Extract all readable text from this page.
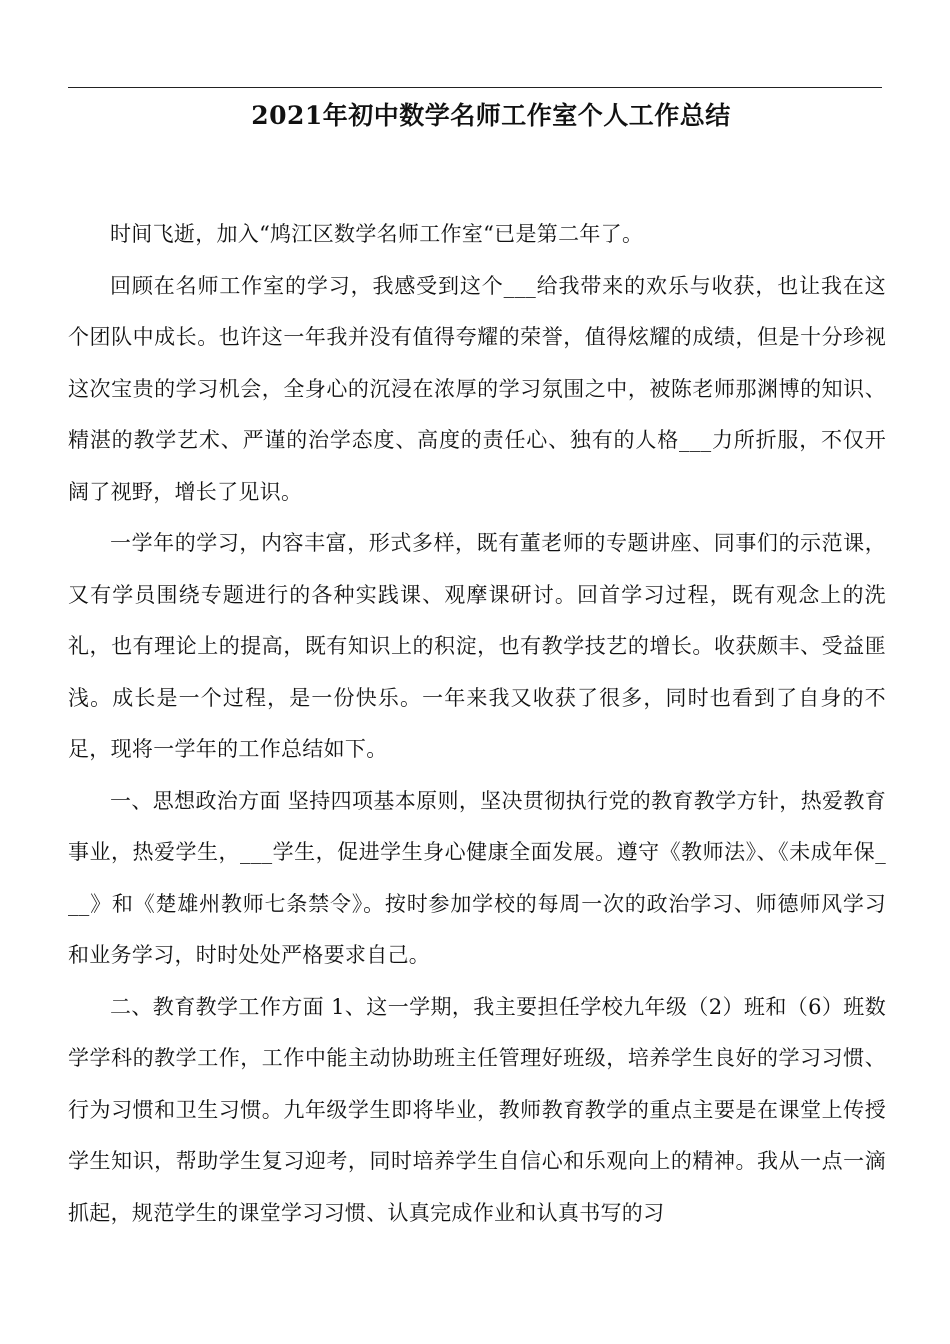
2021年初中数学名师工作室个人工作总结

时间飞逝，加入“鸠江区数学名师工作室“已是第二年了。

回顾在名师工作室的学习，我感受到这个___给我带来的欢乐与收获，也让我在这个团队中成长。也许这一年我并没有值得夸耀的荣誉，值得炫耀的成绩，但是十分珍视这次宝贵的学习机会，全身心的沉浸在浓厚的学习氛围之中，被陈老师那渊博的知识、精湛的教学艺术、严谨的治学态度、高度的责任心、独有的人格___力所折服，不仅开阔了视野，增长了见识。

一学年的学习，内容丰富，形式多样，既有董老师的专题讲座、同事们的示范课，又有学员围绕专题进行的各种实践课、观摩课研讨。回首学习过程，既有观念上的洗礼，也有理论上的提高，既有知识上的积淀，也有教学技艺的增长。收获颇丰、受益匪浅。成长是一个过程，是一份快乐。一年来我又收获了很多，同时也看到了自身的不足，现将一学年的工作总结如下。

一、思想政治方面 坚持四项基本原则，坚决贯彻执行党的教育教学方针，热爱教育事业，热爱学生，___学生，促进学生身心健康全面发展。遵守《教师法》、《未成年保___》和《楚雄州教师七条禁令》。按时参加学校的每周一次的政治学习、师德师风学习和业务学习，时时处处严格要求自己。

二、教育教学工作方面 1、这一学期，我主要担任学校九年级（2）班和（6）班数学学科的教学工作，工作中能主动协助班主任管理好班级，培养学生良好的学习习惯、行为习惯和卫生习惯。九年级学生即将毕业，教师教育教学的重点主要是在课堂上传授学生知识，帮助学生复习迎考，同时培养学生自信心和乐观向上的精神。我从一点一滴抓起，规范学生的课堂学习习惯、认真完成作业和认真书写的习
